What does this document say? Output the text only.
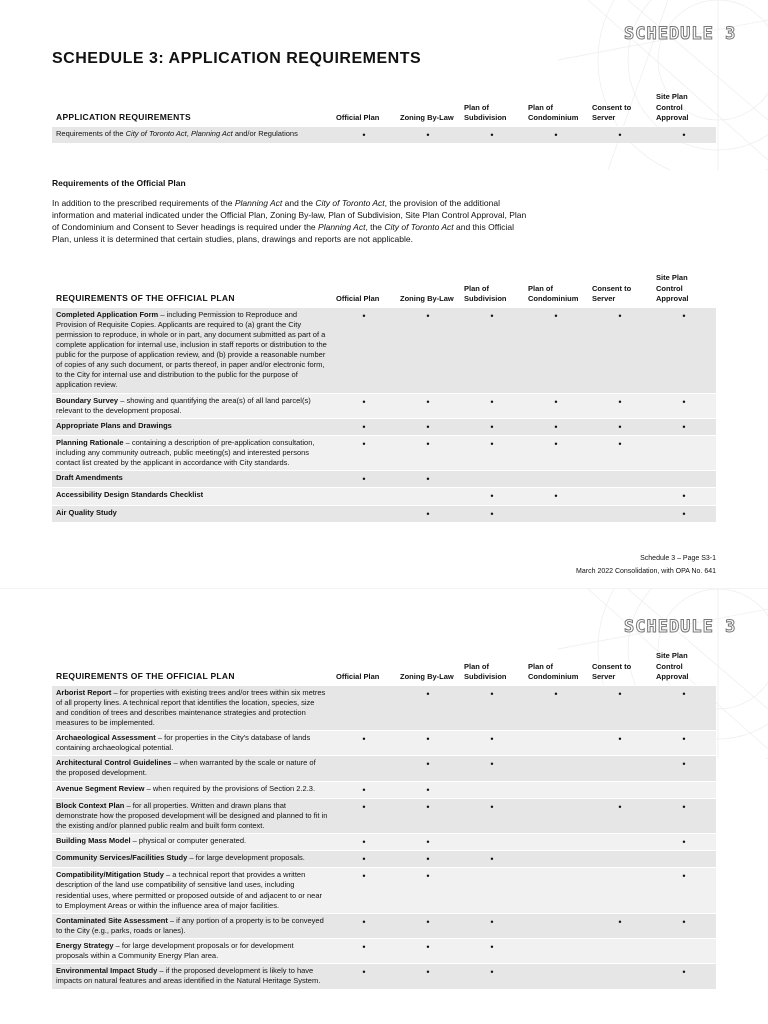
SCHEDULE 3
SCHEDULE 3: APPLICATION REQUIREMENTS
APPLICATION REQUIREMENTS	Official Plan	Zoning By-Law	Plan of Subdivision	Plan of Condominium	Consent to Server	Site Plan Control Approval
Requirements of the City of Toronto Act, Planning Act and/or Regulations	•	•	•	•	•	•
Requirements of the Official Plan

In addition to the prescribed requirements of the Planning Act and the City of Toronto Act, the provision of the additional information and material indicated under the Official Plan, Zoning By-law, Plan of Subdivision, Site Plan Control Approval, Plan of Condominium and Consent to Sever headings is required under the Planning Act, the City of Toronto Act and this Official Plan, unless it is determined that certain studies, plans, drawings and reports are not applicable.

REQUIREMENTS OF THE OFFICIAL PLAN	Official Plan	Zoning By-Law	Plan of Subdivision	Plan of Condominium	Consent to Server	Site Plan Control Approval
Completed Application Form – including Permission to Reproduce and Provision of Requisite Copies. Applicants are required to (a) grant the City permission to reproduce, in whole or in part, any document submitted as part of a complete application for internal use, inclusion in staff reports or distribution to the public for the purpose of application review, and (b) provide a reasonable number of copies of any such document, or parts thereof, in paper and/or electronic form, to the City for internal use and distribution to the public for the purpose of application review.	•	•	•	•	•	•
Boundary Survey – showing and quantifying the area(s) of all land parcel(s) relevant to the development proposal.	•	•	•	•	•	•
Appropriate Plans and Drawings	•	•	•	•	•	•
Planning Rationale – containing a description of pre-application consultation, including any community outreach, public meeting(s) and interested persons contact list created by the applicant in accordance with City standards.	•	•	•	•	•	
Draft Amendments	•	•				
Accessibility Design Standards Checklist			•	•		•
Air Quality Study		•	•			•
Schedule 3 – Page S3-1
March 2022 Consolidation, with OPA No. 641
SCHEDULE 3
REQUIREMENTS OF THE OFFICIAL PLAN	Official Plan	Zoning By-Law	Plan of Subdivision	Plan of Condominium	Consent to Server	Site Plan Control Approval
Arborist Report – for properties with existing trees and/or trees within six metres of all property lines. A technical report that identifies the location, species, size and condition of trees and describes maintenance strategies and protection measures to be implemented.		•	•	•	•	•
Archaeological Assessment – for properties in the City's database of lands containing archaeological potential.	•	•	•		•	•
Architectural Control Guidelines – when warranted by the scale or nature of the proposed development.		•	•			•
Avenue Segment Review – when required by the provisions of Section 2.2.3.	•	•				
Block Context Plan – for all properties. Written and drawn plans that demonstrate how the proposed development will be designed and planned to fit in the existing and/or planned public realm and built form context.	•	•	•		•	•
Building Mass Model – physical or computer generated.	•	•				•
Community Services/Facilities Study – for large development proposals.	•	•	•			
Compatibility/Mitigation Study – a technical report that provides a written description of the land use compatibility of sensitive land uses, including residential uses, where permitted or proposed outside of and adjacent to or near to Employment Areas or within the influence area of major facilities.	•	•				•
Contaminated Site Assessment – if any portion of a property is to be conveyed to the City (e.g., parks, roads or lanes).	•	•	•		•	•
Energy Strategy – for large development proposals or for development proposals within a Community Energy Plan area.	•	•	•			
Environmental Impact Study – if the proposed development is likely to have impacts on natural features and areas identified in the Natural Heritage System.	•	•	•			•
